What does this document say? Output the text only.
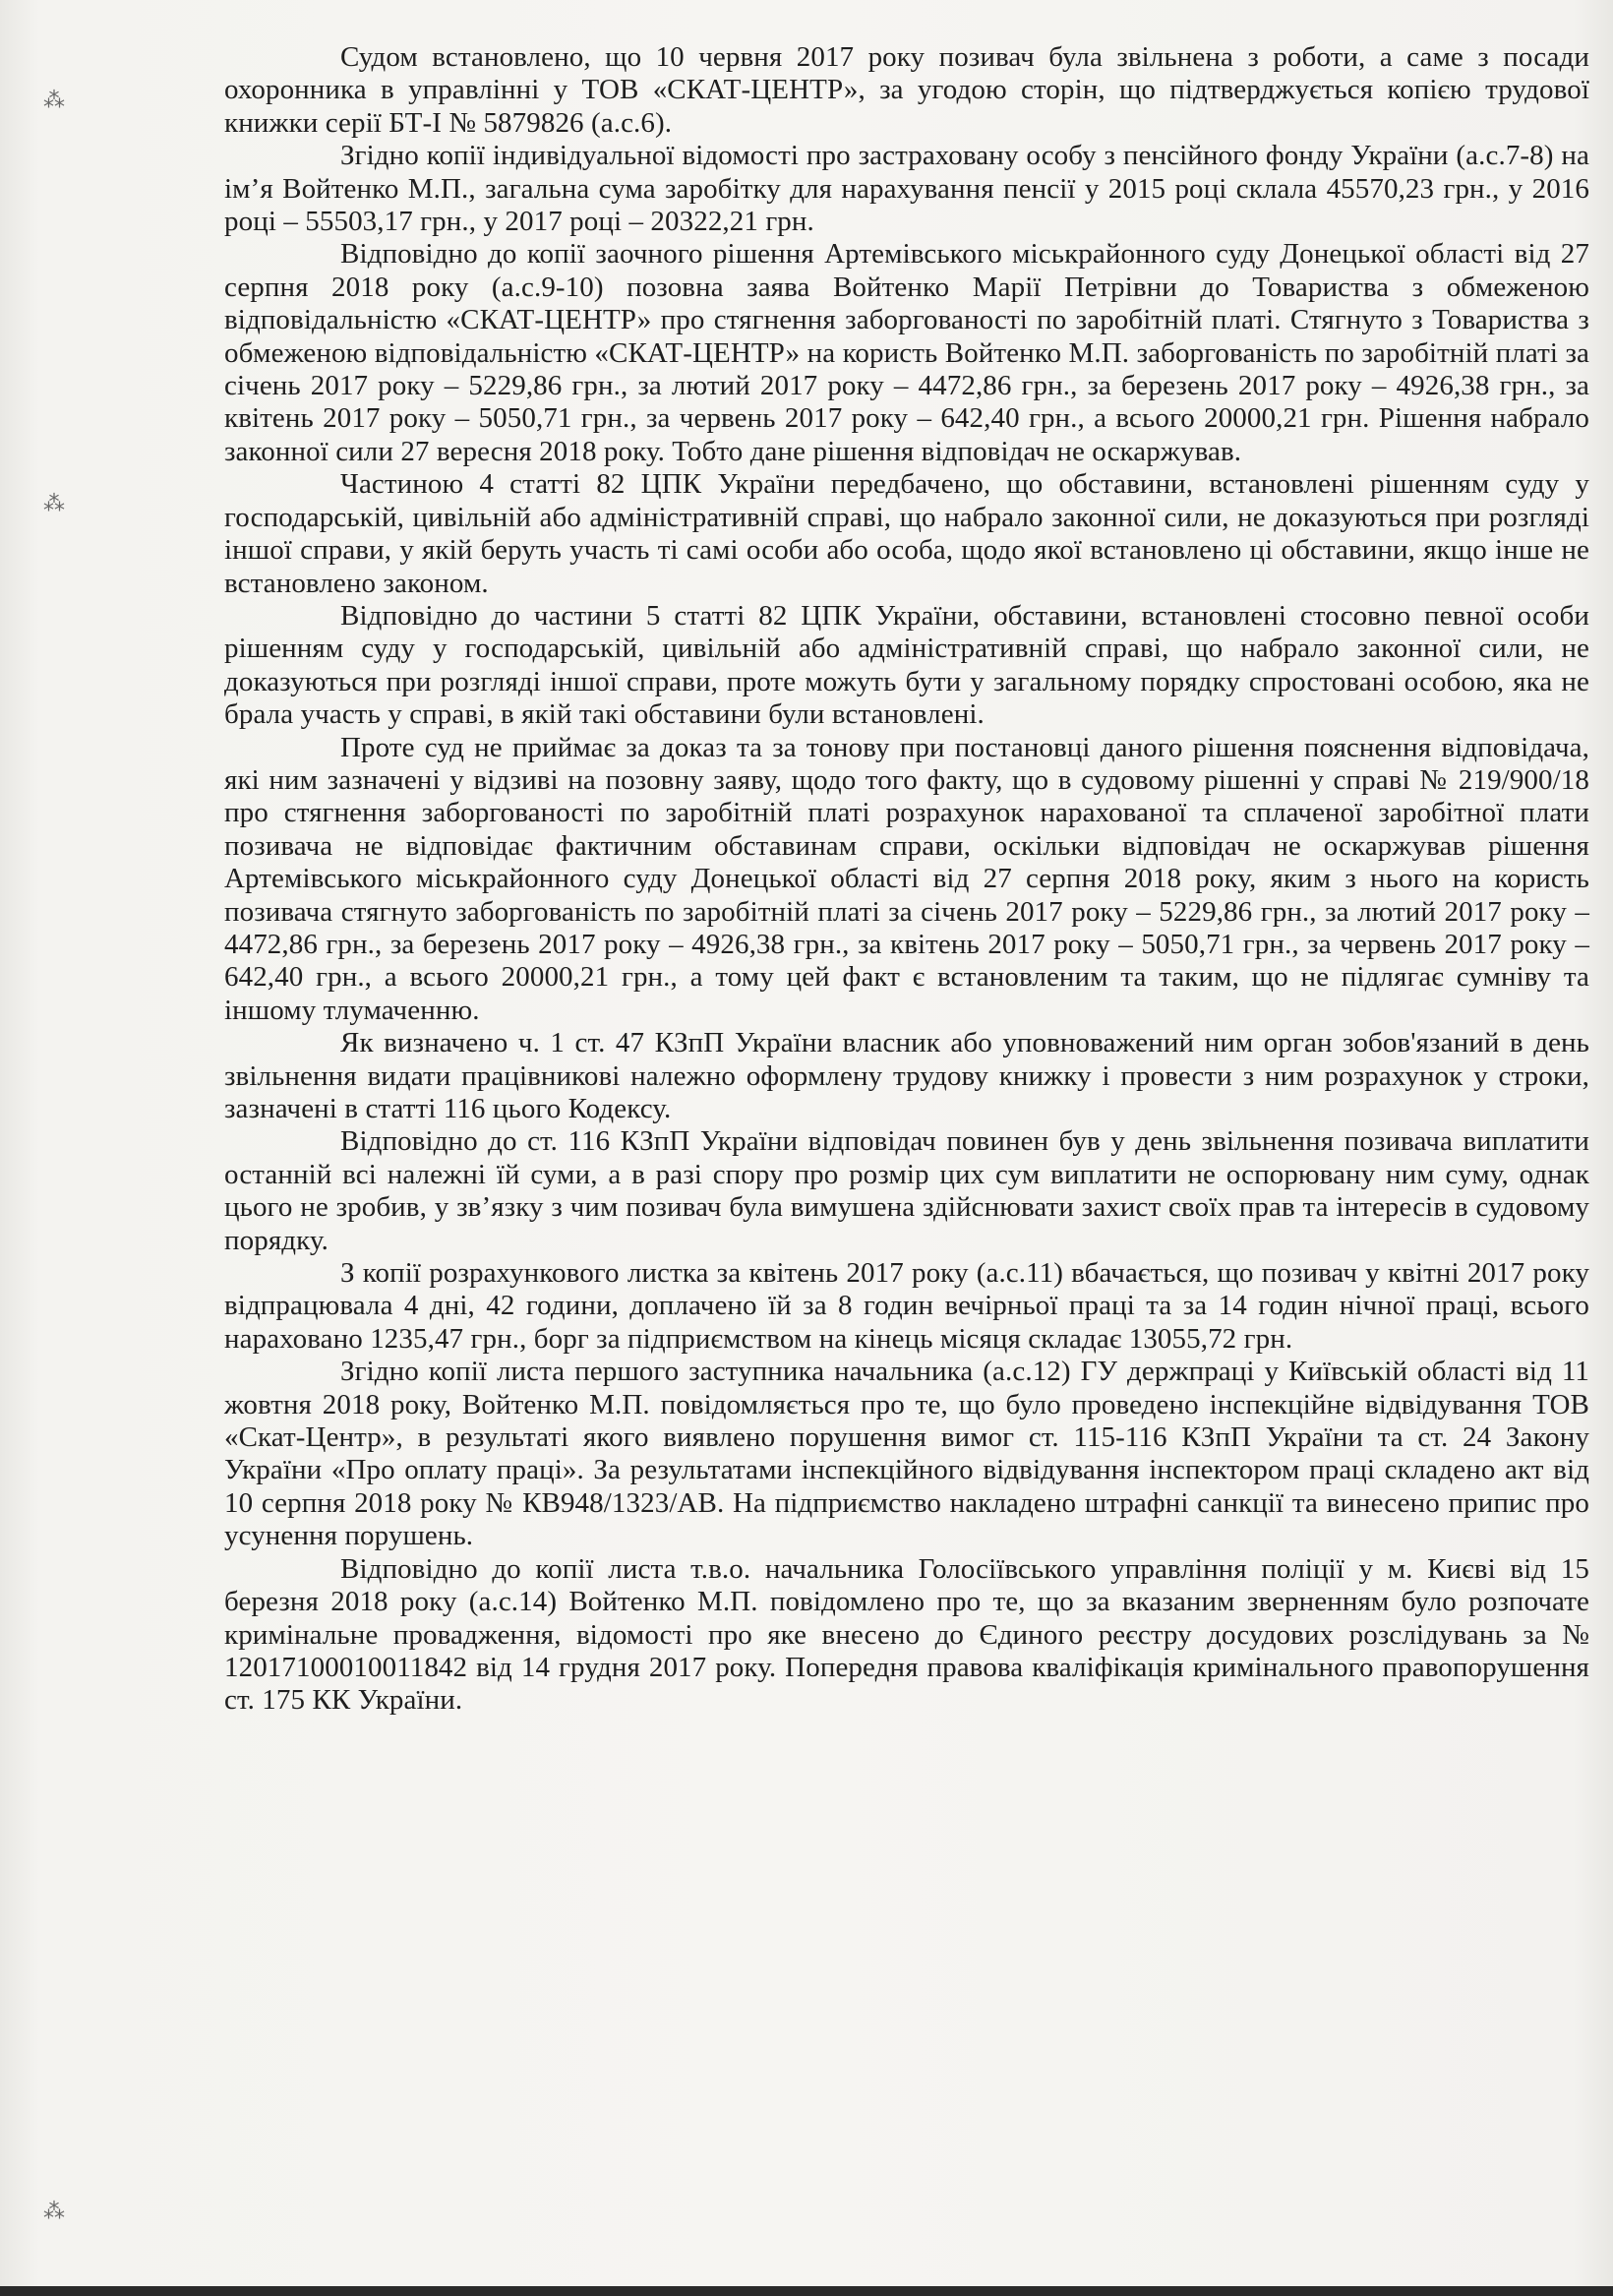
⁂
⁂
⁂

Судом встановлено, що 10 червня 2017 року позивач була звільнена з роботи, а саме з посади охоронника в управлінні у ТОВ «СКАТ-ЦЕНТР», за угодою сторін, що підтверджується копією трудової книжки серії БТ-І № 5879826 (а.с.6).

Згідно копії індивідуальної відомості про застраховану особу з пенсійного фонду України (а.с.7-8) на ім’я Войтенко М.П., загальна сума заробітку для нарахування пенсії у 2015 році склала 45570,23 грн., у 2016 році – 55503,17 грн., у 2017 році – 20322,21 грн.

Відповідно до копії заочного рішення Артемівського міськрайонного суду Донецької області від 27 серпня 2018 року (а.с.9-10) позовна заява Войтенко Марії Петрівни до Товариства з обмеженою відповідальністю «СКАТ-ЦЕНТР» про стягнення заборгованості по заробітній платі. Стягнуто з Товариства з обмеженою відповідальністю «СКАТ-ЦЕНТР» на користь Войтенко М.П. заборгованість по заробітній платі за січень 2017 року – 5229,86 грн., за лютий 2017 року – 4472,86 грн., за березень 2017 року – 4926,38 грн., за квітень 2017 року – 5050,71 грн., за червень 2017 року – 642,40 грн., а всього 20000,21 грн. Рішення набрало законної сили 27 вересня 2018 року. Тобто дане рішення відповідач не оскаржував.

Частиною 4 статті 82 ЦПК України передбачено, що обставини, встановлені рішенням суду у господарській, цивільній або адміністративній справі, що набрало законної сили, не доказуються при розгляді іншої справи, у якій беруть участь ті самі особи або особа, щодо якої встановлено ці обставини, якщо інше не встановлено законом.

Відповідно до частини 5 статті 82 ЦПК України, обставини, встановлені стосовно певної особи рішенням суду у господарській, цивільній або адміністративній справі, що набрало законної сили, не доказуються при розгляді іншої справи, проте можуть бути у загальному порядку спростовані особою, яка не брала участь у справі, в якій такі обставини були встановлені.

Проте суд не приймає за доказ та за тонову при постановці даного рішення пояснення відповідача, які ним зазначені у відзиві на позовну заяву, щодо того факту, що в судовому рішенні у справі № 219/900/18 про стягнення заборгованості по заробітній платі розрахунок нарахованої та сплаченої заробітної плати позивача не відповідає фактичним обставинам справи, оскільки відповідач не оскаржував рішення Артемівського міськрайонного суду Донецької області від 27 серпня 2018 року, яким з нього на користь позивача стягнуто заборгованість по заробітній платі за січень 2017 року – 5229,86 грн., за лютий 2017 року – 4472,86 грн., за березень 2017 року – 4926,38 грн., за квітень 2017 року – 5050,71 грн., за червень 2017 року – 642,40 грн., а всього 20000,21 грн., а тому цей факт є встановленим та таким, що не підлягає сумніву та іншому тлумаченню.

Як визначено ч. 1 ст. 47 КЗпП України власник або уповноважений ним орган зобов'язаний в день звільнення видати працівникові належно оформлену трудову книжку і провести з ним розрахунок у строки, зазначені в статті 116 цього Кодексу.

Відповідно до ст. 116 КЗпП України відповідач повинен був у день звільнення позивача виплатити останній всі належні їй суми, а в разі спору про розмір цих сум виплатити не оспорювану ним суму, однак цього не зробив, у зв’язку з чим позивач була вимушена здійснювати захист своїх прав та інтересів в судовому порядку.

З копії розрахункового листка за квітень 2017 року (а.с.11) вбачається, що позивач у квітні 2017 року відпрацювала 4 дні, 42 години, доплачено їй за 8 годин вечірньої праці та за 14 годин нічної праці, всього нараховано 1235,47 грн., борг за підприємством на кінець місяця складає 13055,72 грн.

Згідно копії листа першого заступника начальника (а.с.12) ГУ держпраці у Київській області від 11 жовтня 2018 року, Войтенко М.П. повідомляється про те, що було проведено інспекційне відвідування ТОВ «Скат-Центр», в результаті якого виявлено порушення вимог ст. 115-116 КЗпП України та ст. 24 Закону України «Про оплату праці». За результатами інспекційного відвідування інспектором праці складено акт від 10 серпня 2018 року № КВ948/1323/АВ. На підприємство накладено штрафні санкції та винесено припис про усунення порушень.

Відповідно до копії листа т.в.о. начальника Голосіївського управління поліції у м. Києві від 15 березня 2018 року (а.с.14) Войтенко М.П. повідомлено про те, що за вказаним зверненням було розпочате кримінальне провадження, відомості про яке внесено до Єдиного реєстру досудових розслідувань за № 12017100010011842 від 14 грудня 2017 року. Попередня правова кваліфікація кримінального правопорушення ст. 175 КК України.
